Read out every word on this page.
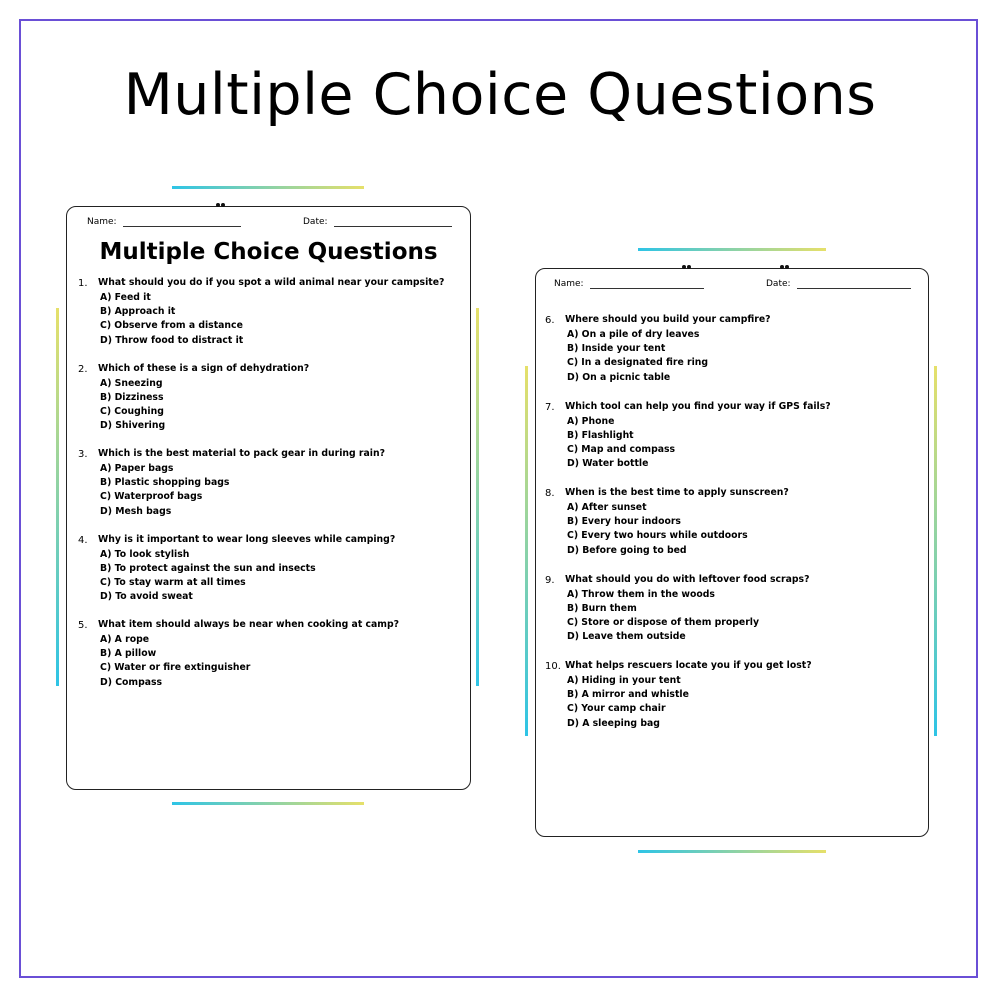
Multiple Choice Questions
Name:	Date:
Multiple Choice Questions
1. What should you do if you spot a wild animal near your campsite?
A) Feed it
B) Approach it
C) Observe from a distance
D) Throw food to distract it
2. Which of these is a sign of dehydration?
A) Sneezing
B) Dizziness
C) Coughing
D) Shivering
3. Which is the best material to pack gear in during rain?
A) Paper bags
B) Plastic shopping bags
C) Waterproof bags
D) Mesh bags
4. Why is it important to wear long sleeves while camping?
A) To look stylish
B) To protect against the sun and insects
C) To stay warm at all times
D) To avoid sweat
5. What item should always be near when cooking at camp?
A) A rope
B) A pillow
C) Water or fire extinguisher
D) Compass
Name:	Date:
6. Where should you build your campfire?
A) On a pile of dry leaves
B) Inside your tent
C) In a designated fire ring
D) On a picnic table
7. Which tool can help you find your way if GPS fails?
A) Phone
B) Flashlight
C) Map and compass
D) Water bottle
8. When is the best time to apply sunscreen?
A) After sunset
B) Every hour indoors
C) Every two hours while outdoors
D) Before going to bed
9. What should you do with leftover food scraps?
A) Throw them in the woods
B) Burn them
C) Store or dispose of them properly
D) Leave them outside
10. What helps rescuers locate you if you get lost?
A) Hiding in your tent
B) A mirror and whistle
C) Your camp chair
D) A sleeping bag
